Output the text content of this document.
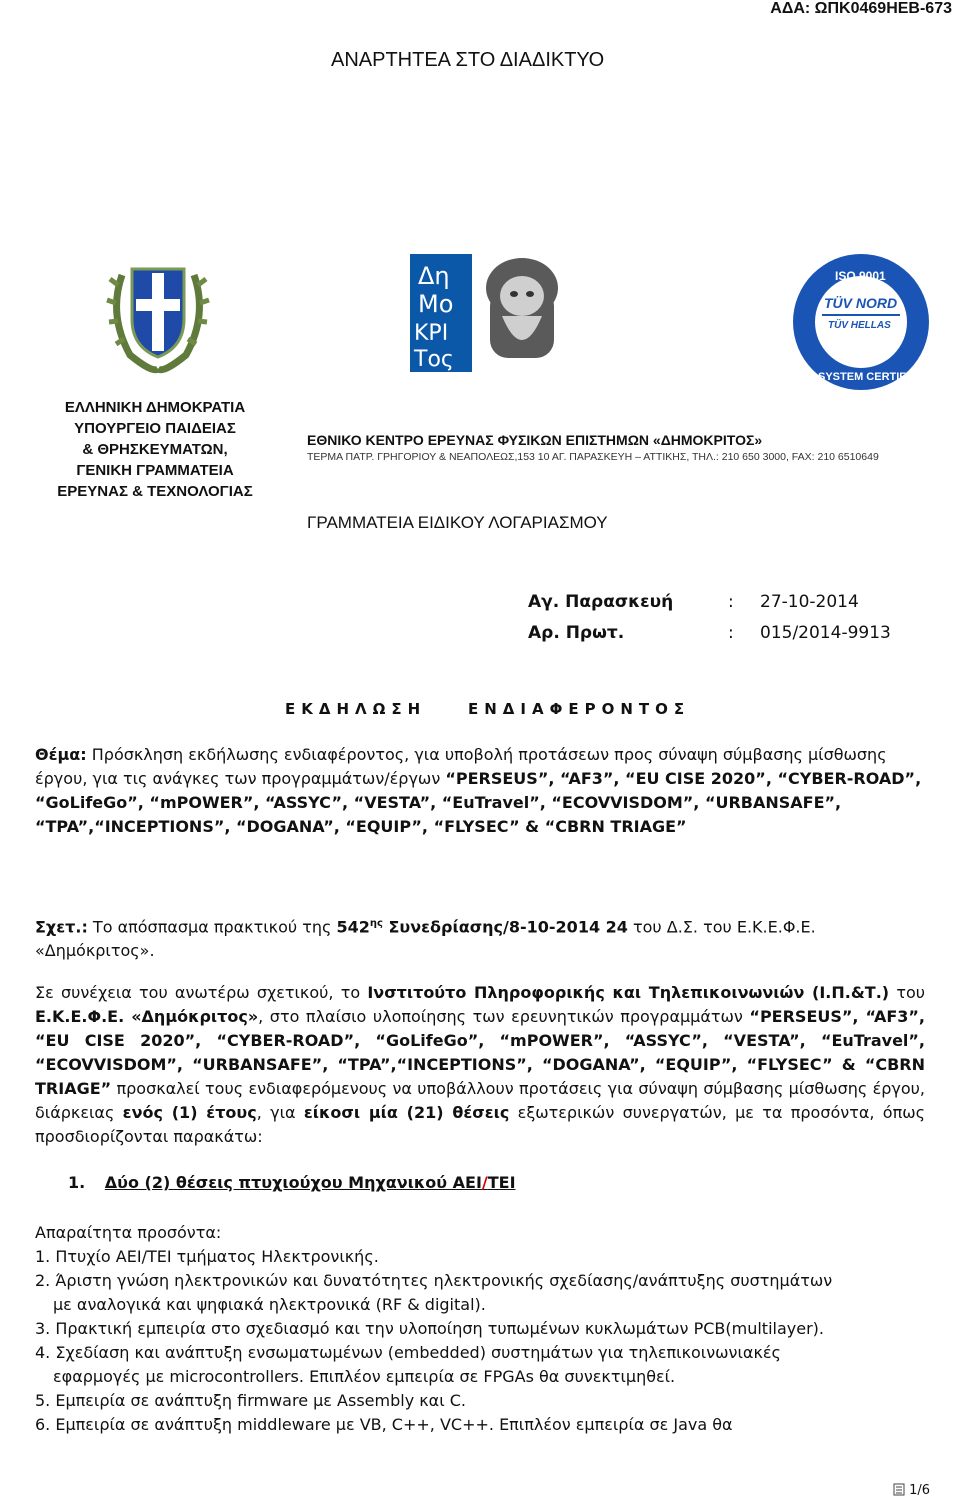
ΑΔΑ: ΩΠΚ0469ΗΕΒ-673
ΑΝΑΡΤΗΤΕΑ ΣΤΟ ΔΙΑΔΙΚΤΥΟ
Δη
Μο
ΚΡΙ
Τος
ISO 9001
TÜV NORD
TÜV HELLAS
SYSTEM CERTIFICATION
ΕΛΛΗΝΙΚΗ ΔΗΜΟΚΡΑΤΙΑ
ΥΠΟΥΡΓΕΙΟ ΠΑΙΔΕΙΑΣ
& ΘΡΗΣΚΕΥΜΑΤΩΝ,
ΓΕΝΙΚΗ ΓΡΑΜΜΑΤΕΙΑ
ΕΡΕΥΝΑΣ & ΤΕΧΝΟΛΟΓΙΑΣ
ΕΘΝΙΚΟ ΚΕΝΤΡΟ ΕΡΕΥΝΑΣ ΦΥΣΙΚΩΝ ΕΠΙΣΤΗΜΩΝ «ΔΗΜΟΚΡΙΤΟΣ»
ΤΕΡΜΑ ΠΑΤΡ. ΓΡΗΓΟΡΙΟΥ & ΝΕΑΠΟΛΕΩΣ,153 10 ΑΓ. ΠΑΡΑΣΚΕΥΗ – ΑΤΤΙΚΗΣ, ΤΗΛ.: 210 650 3000, FAX: 210 6510649
ΓΡΑΜΜΑΤΕΙΑ ΕΙΔΙΚΟΥ ΛΟΓΑΡΙΑΣΜΟΥ
Αγ. Παρασκευή	: 27-10-2014
Αρ. Πρωτ.	: 015/2014-9913
ΕΚΔΗΛΩΣΗ	ΕΝΔΙΑΦΕΡΟΝΤΟΣ
Θέμα: Πρόσκληση εκδήλωσης ενδιαφέροντος, για υποβολή προτάσεων προς σύναψη σύμβασης μίσθωσης έργου, για τις ανάγκες των προγραμμάτων/έργων “PERSEUS”, “AF3”, “EU CISE 2020”, “CYBER-ROAD”, “GoLifeGo”, “mPOWER”, “ASSYC”, “VESTA”, “EuTravel”, “ECOVVISDOM”, “URBANSAFE”, “TPA”,“INCEPTIONS”, “DOGANA”, “EQUIP”, “FLYSEC” & “CBRN TRIAGE”
Σχετ.: Το απόσπασμα πρακτικού της $542^{\eta\varsigma}$ Συνεδρίασης/8-10-2014 24 του Δ.Σ. του Ε.Κ.Ε.Φ.Ε. «Δημόκριτος».
Σε συνέχεια του ανωτέρω σχετικού, το Ινστιτούτο Πληροφορικής και Τηλεπικοινωνιών (Ι.Π.&Τ.) του Ε.Κ.Ε.Φ.Ε. «Δημόκριτος», στο πλαίσιο υλοποίησης των ερευνητικών προγραμμάτων “PERSEUS”, “AF3”, “EU CISE 2020”, “CYBER-ROAD”, “GoLifeGo”, “mPOWER”, “ASSYC”, “VESTA”, “EuTravel”, “ECOVVISDOM”, “URBANSAFE”, “TPA”,“INCEPTIONS”, “DOGANA”, “EQUIP”, “FLYSEC” & “CBRN TRIAGE” προσκαλεί τους ενδιαφερόμενους να υποβάλλουν προτάσεις για σύναψη σύμβασης μίσθωσης έργου, διάρκειας ενός (1) έτους, για είκοσι μία (21) θέσεις εξωτερικών συνεργατών, με τα προσόντα, όπως προσδιορίζονται παρακάτω:
1. Δύο (2) θέσεις πτυχιούχου Μηχανικού ΑΕΙ/ΤΕΙ
Απαραίτητα προσόντα:
1. Πτυχίο ΑΕΙ/ΤΕΙ τμήματος Ηλεκτρονικής.
2. Άριστη γνώση ηλεκτρονικών και δυνατότητες ηλεκτρονικής σχεδίασης/ανάπτυξης συστημάτων
με αναλογικά και ψηφιακά ηλεκτρονικά (RF & digital).
3. Πρακτική εμπειρία στο σχεδιασμό και την υλοποίηση τυπωμένων κυκλωμάτων PCB(multilayer).
4. Σχεδίαση και ανάπτυξη ενσωματωμένων (embedded) συστημάτων για τηλεπικοινωνιακές
εφαρμογές με microcontrollers. Επιπλέον εμπειρία σε FPGAs θα συνεκτιμηθεί.
5. Εμπειρία σε ανάπτυξη firmware με Assembly και C.
6. Εμπειρία σε ανάπτυξη middleware με VB, C++, VC++. Επιπλέον εμπειρία σε Java θα
1/6
